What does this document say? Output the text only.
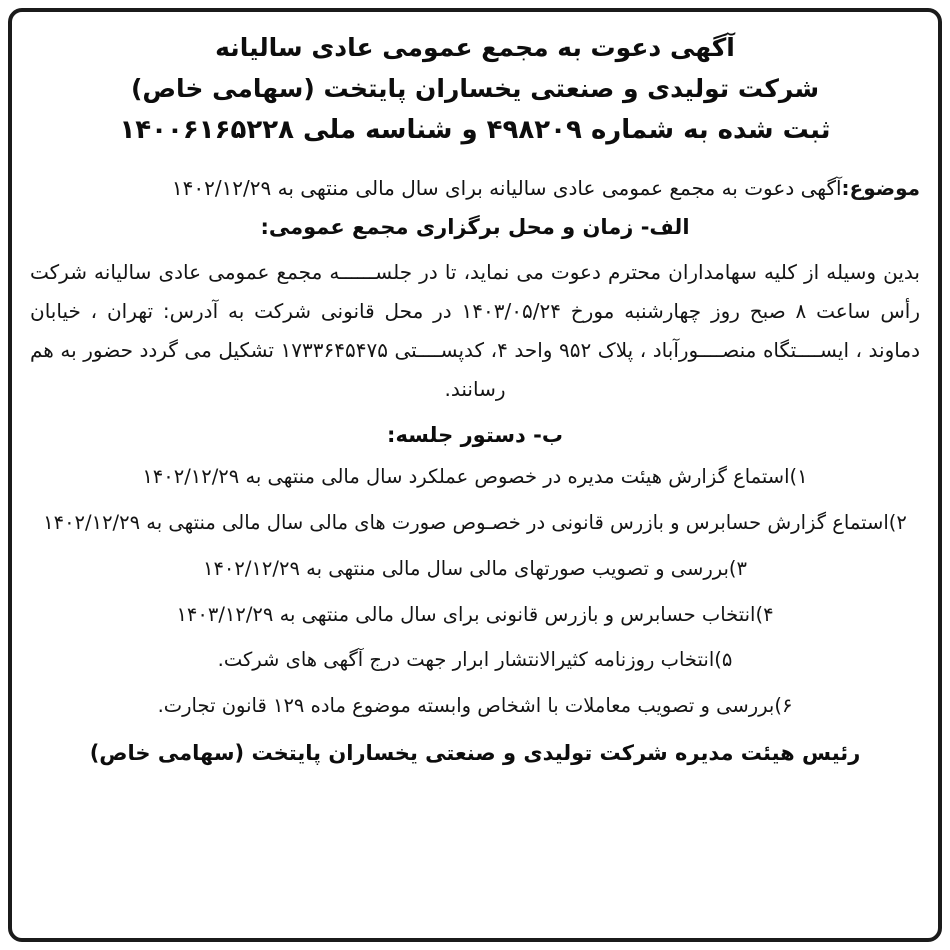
آگهی دعوت به مجمع عمومی عادی سالیانه
شرکت تولیدی و صنعتی یخساران پایتخت (سهامی خاص)
ثبت شده به شماره ۴۹۸۲۰۹ و شناسه ملی ۱۴۰۰۶۱۶۵۲۲۸
موضوع:آگهی دعوت به مجمع عمومی عادی سالیانه برای سال مالی منتهی به ۱۴۰۲/۱۲/۲۹
الف- زمان و محل برگزاری مجمع عمومی:
بدین وسیله از کلیه سهامداران محترم دعوت می نماید، تا در جلســــــه مجمع عمومی عادی سالیانه شرکت رأس ساعت ۸ صبح روز چهارشنبه مورخ ۱۴۰۳/۰۵/۲۴ در محل قانونی شرکت به آدرس: تهران ، خیابان دماوند ، ایســــتگاه منصــــورآباد ، پلاک ۹۵۲ واحد ۴، کدپســــتی ۱۷۳۳۶۴۵۴۷۵ تشکیل می گردد حضور به هم رسانند.
ب- دستور جلسه:
۱)استماع گزارش هیئت مدیره در خصوص عملکرد سال مالی منتهی به ۱۴۰۲/۱۲/۲۹
۲)استماع گزارش حسابرس و بازرس قانونی در خصـوص صورت های مالی سال مالی منتهی به ۱۴۰۲/۱۲/۲۹
۳)بررسی و تصویب صورتهای مالی سال مالی منتهی به ۱۴۰۲/۱۲/۲۹
۴)انتخاب حسابرس و بازرس قانونی برای سال مالی منتهی به ۱۴۰۳/۱۲/۲۹
۵)انتخاب روزنامه کثیرالانتشار ابرار جهت درج آگهی های شرکت.
۶)بررسی و تصویب معاملات با اشخاص وابسته موضوع ماده ۱۲۹ قانون تجارت.
رئیس هیئت مدیره شرکت تولیدی و صنعتی یخساران پایتخت (سهامی خاص)
